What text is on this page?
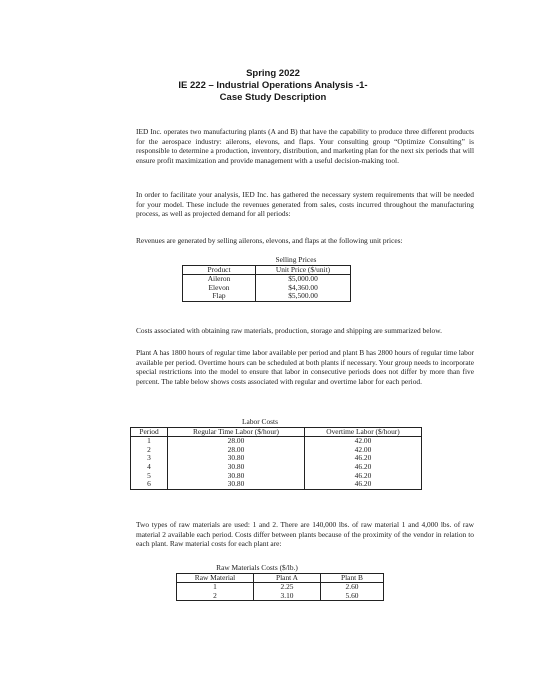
Spring 2022
IE 222 – Industrial Operations Analysis -1-
Case Study Description
IED Inc. operates two manufacturing plants (A and B) that have the capability to produce three different products for the aerospace industry: ailerons, elevons, and flaps. Your consulting group “Optimize Consulting” is responsible to determine a production, inventory, distribution, and marketing plan for the next six periods that will ensure profit maximization and provide management with a useful decision-making tool.
In order to facilitate your analysis, IED Inc. has gathered the necessary system requirements that will be needed for your model. These include the revenues generated from sales, costs incurred throughout the manufacturing process, as well as projected demand for all periods:
Revenues are generated by selling ailerons, elevons, and flaps at the following unit prices:
	Selling Prices
Product	Unit Price ($/unit)
Aileron	$5,000.00
Elevon	$4,360.00
Flap	$5,500.00
Costs associated with obtaining raw materials, production, storage and shipping are summarized below.
Plant A has 1800 hours of regular time labor available per period and plant B has 2800 hours of regular time labor available per period. Overtime hours can be scheduled at both plants if necessary. Your group needs to incorporate special restrictions into the model to ensure that labor in consecutive periods does not differ by more than five percent. The table below shows costs associated with regular and overtime labor for each period.
	Labor Costs	
Period	Regular Time Labor ($/hour)	Overtime Labor ($/hour)
1	28.00	42.00
2	28.00	42.00
3	30.80	46.20
4	30.80	46.20
5	30.80	46.20
6	30.80	46.20
Two types of raw materials are used: 1 and 2. There are 140,000 lbs. of raw material 1 and 4,000 lbs. of raw material 2 available each period. Costs differ between plants because of the proximity of the vendor in relation to each plant. Raw material costs for each plant are:
Raw Materials Costs ($/lb.)		
Raw Material	Plant A	Plant B
1	2.25	2.60
2	3.10	5.60
